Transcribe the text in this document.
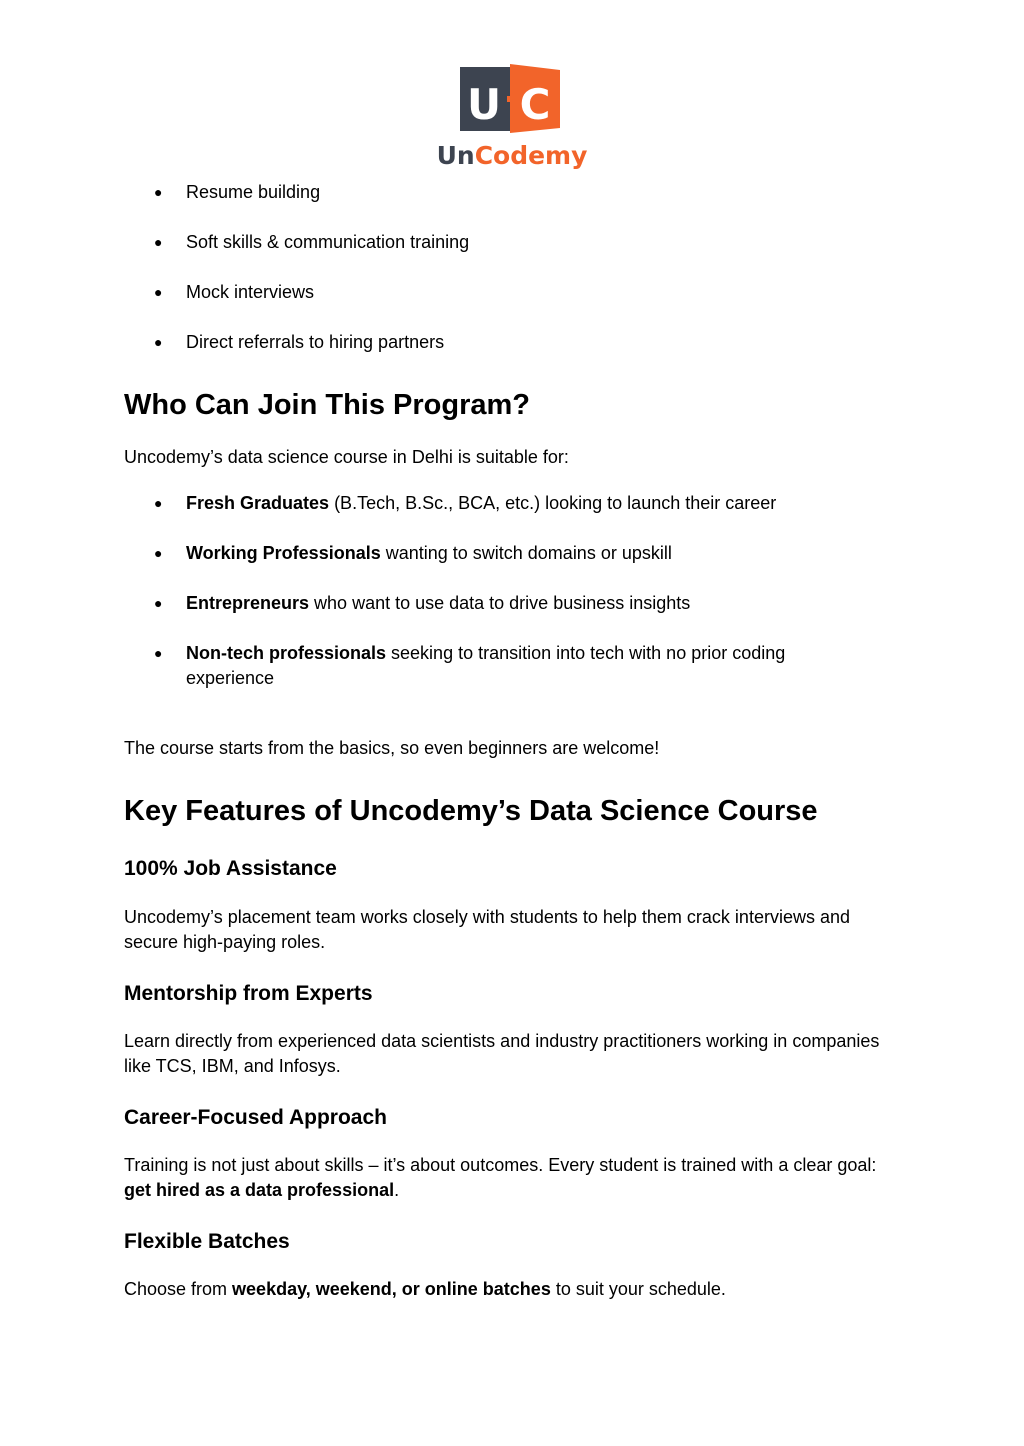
U C
UnCodemy
● Resume building
● Soft skills & communication training
● Mock interviews
● Direct referrals to hiring partners
Who Can Join This Program?
Uncodemy’s data science course in Delhi is suitable for:
● Fresh Graduates (B.Tech, B.Sc., BCA, etc.) looking to launch their career
● Working Professionals wanting to switch domains or upskill
● Entrepreneurs who want to use data to drive business insights
● Non-tech professionals seeking to transition into tech with no prior coding experience
The course starts from the basics, so even beginners are welcome!
Key Features of Uncodemy’s Data Science Course
100% Job Assistance
Uncodemy’s placement team works closely with students to help them crack interviews and secure high-paying roles.
Mentorship from Experts
Learn directly from experienced data scientists and industry practitioners working in companies like TCS, IBM, and Infosys.
Career-Focused Approach
Training is not just about skills – it’s about outcomes. Every student is trained with a clear goal: get hired as a data professional.
Flexible Batches
Choose from weekday, weekend, or online batches to suit your schedule.
